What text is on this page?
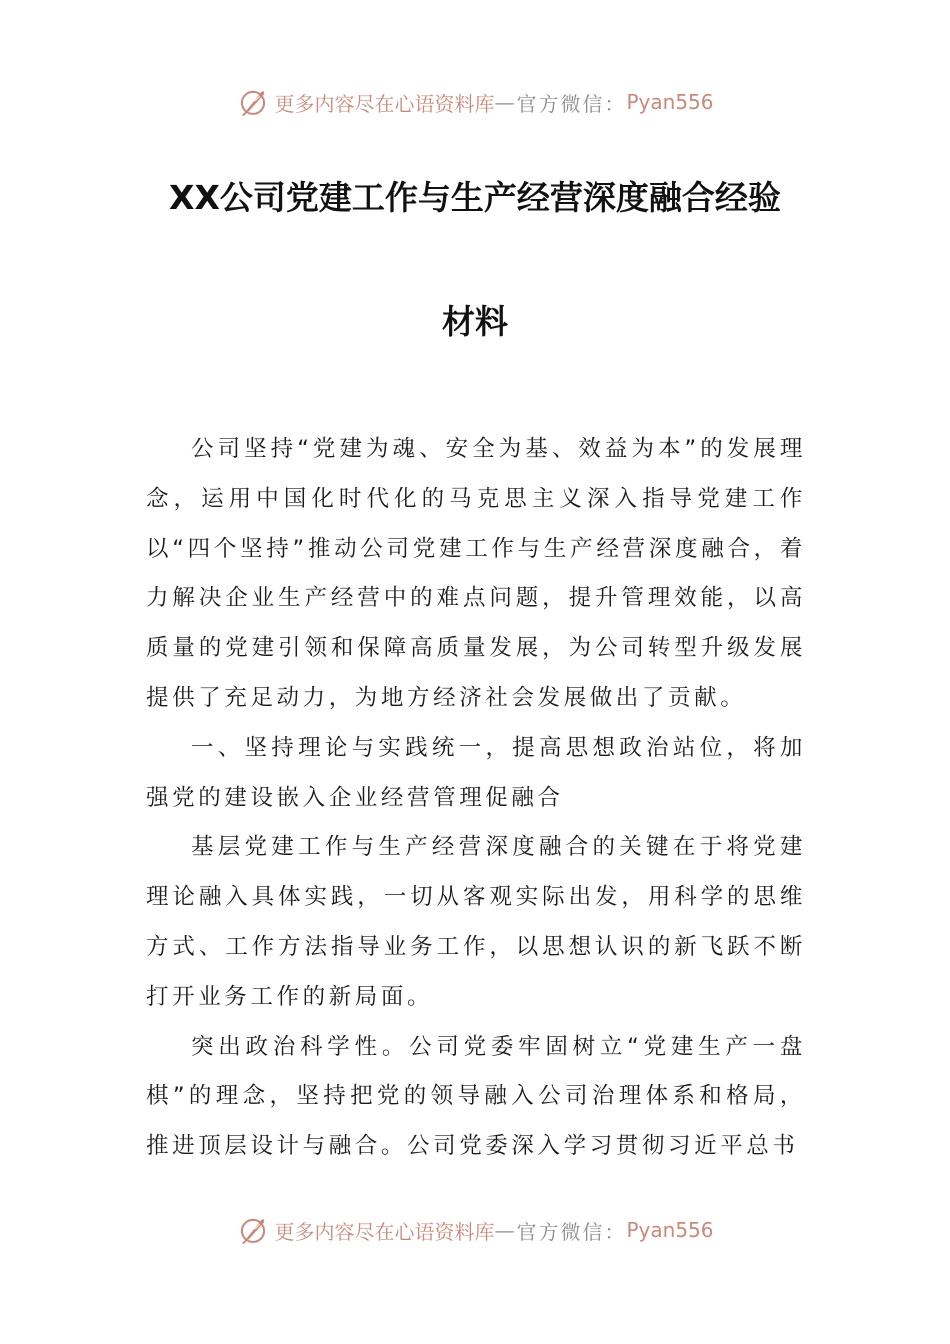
更多内容尽在心语资料库 — 官方微信： Pyan556
XX公司党建工作与生产经营深度融合经验
材料

公司坚持“党建为魂、安全为基、效益为本”的发展理念，运用中国化时代化的马克思主义深入指导党建工作以“四个坚持”推动公司党建工作与生产经营深度融合，着力解决企业生产经营中的难点问题，提升管理效能，以高质量的党建引领和保障高质量发展，为公司转型升级发展提供了充足动力，为地方经济社会发展做出了贡献。

一、坚持理论与实践统一，提高思想政治站位，将加强党的建设嵌入企业经营管理促融合

基层党建工作与生产经营深度融合的关键在于将党建理论融入具体实践，一切从客观实际出发，用科学的思维方式、工作方法指导业务工作，以思想认识的新飞跃不断打开业务工作的新局面。

突出政治科学性。公司党委牢固树立“党建生产一盘棋”的理念，坚持把党的领导融入公司治理体系和格局，推进顶层设计与融合。公司党委深入学习贯彻习近平总书

更多内容尽在心语资料库 — 官方微信： Pyan556
